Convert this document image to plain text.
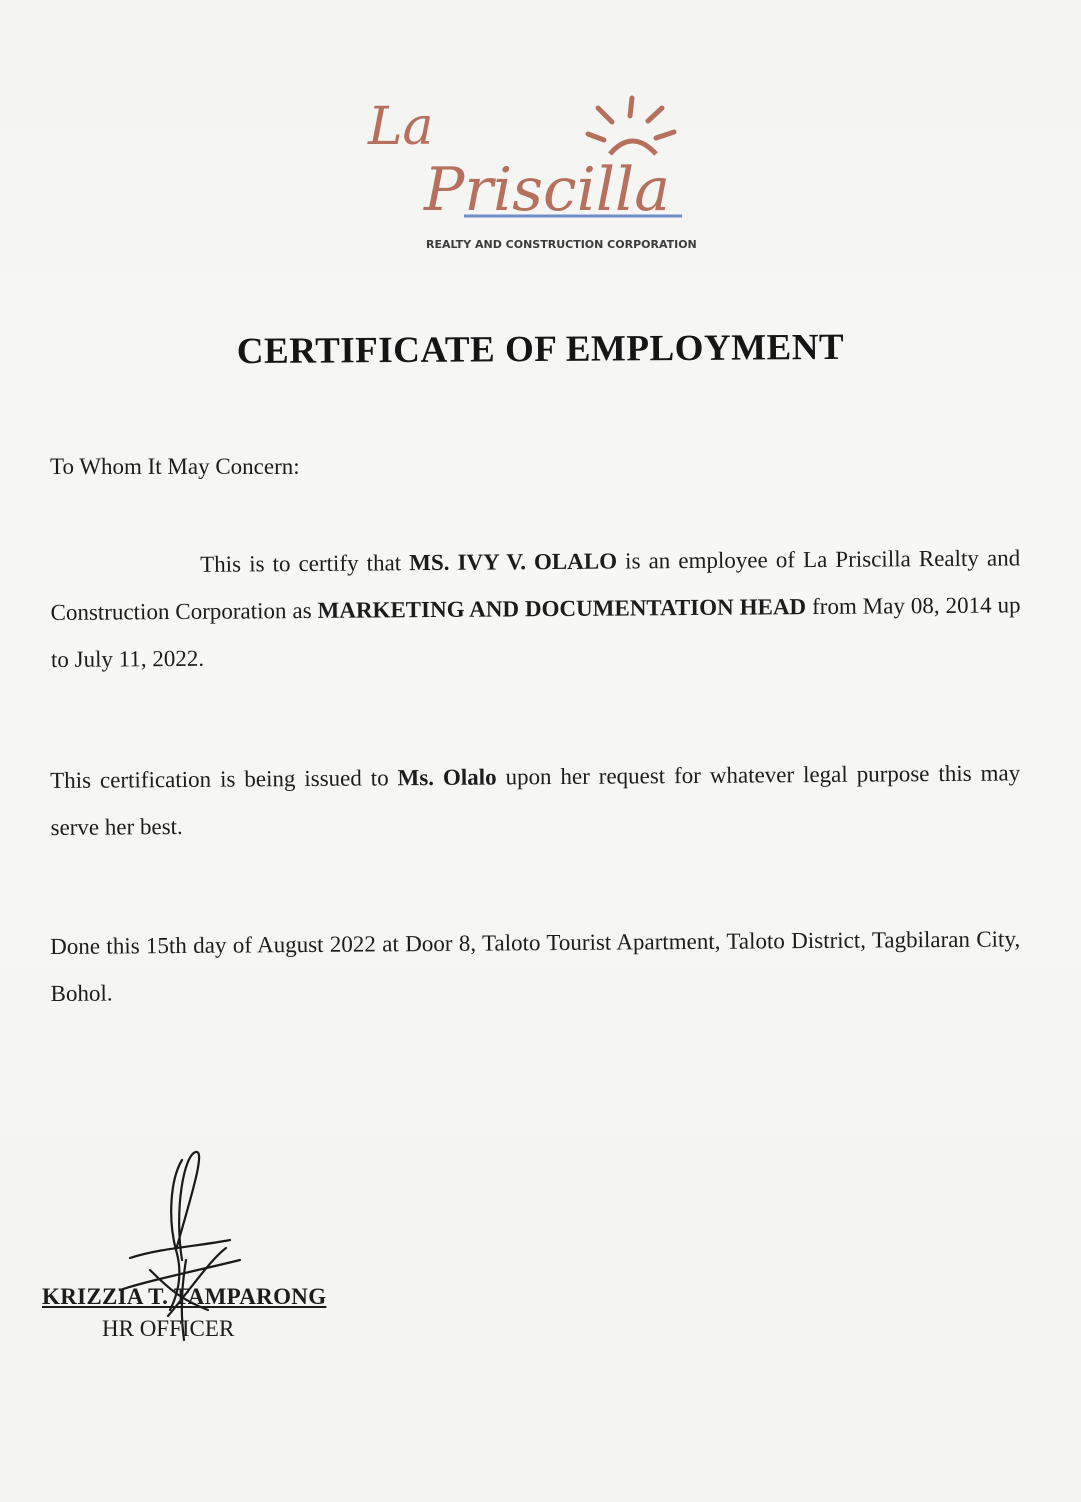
La
Priscilla
REALTY AND CONSTRUCTION CORPORATION
CERTIFICATE OF EMPLOYMENT
To Whom It May Concern:
This is to certify that MS. IVY V. OLALO is an employee of La Priscilla Realty and Construction Corporation as MARKETING AND DOCUMENTATION HEAD from May 08, 2014 up to July 11, 2022.
This certification is being issued to Ms. Olalo upon her request for whatever legal purpose this may serve her best.
Done this 15th day of August 2022 at Door 8, Taloto Tourist Apartment, Taloto District, Tagbilaran City, Bohol.
KRIZZIA T. TAMPARONG
HR OFFICER
